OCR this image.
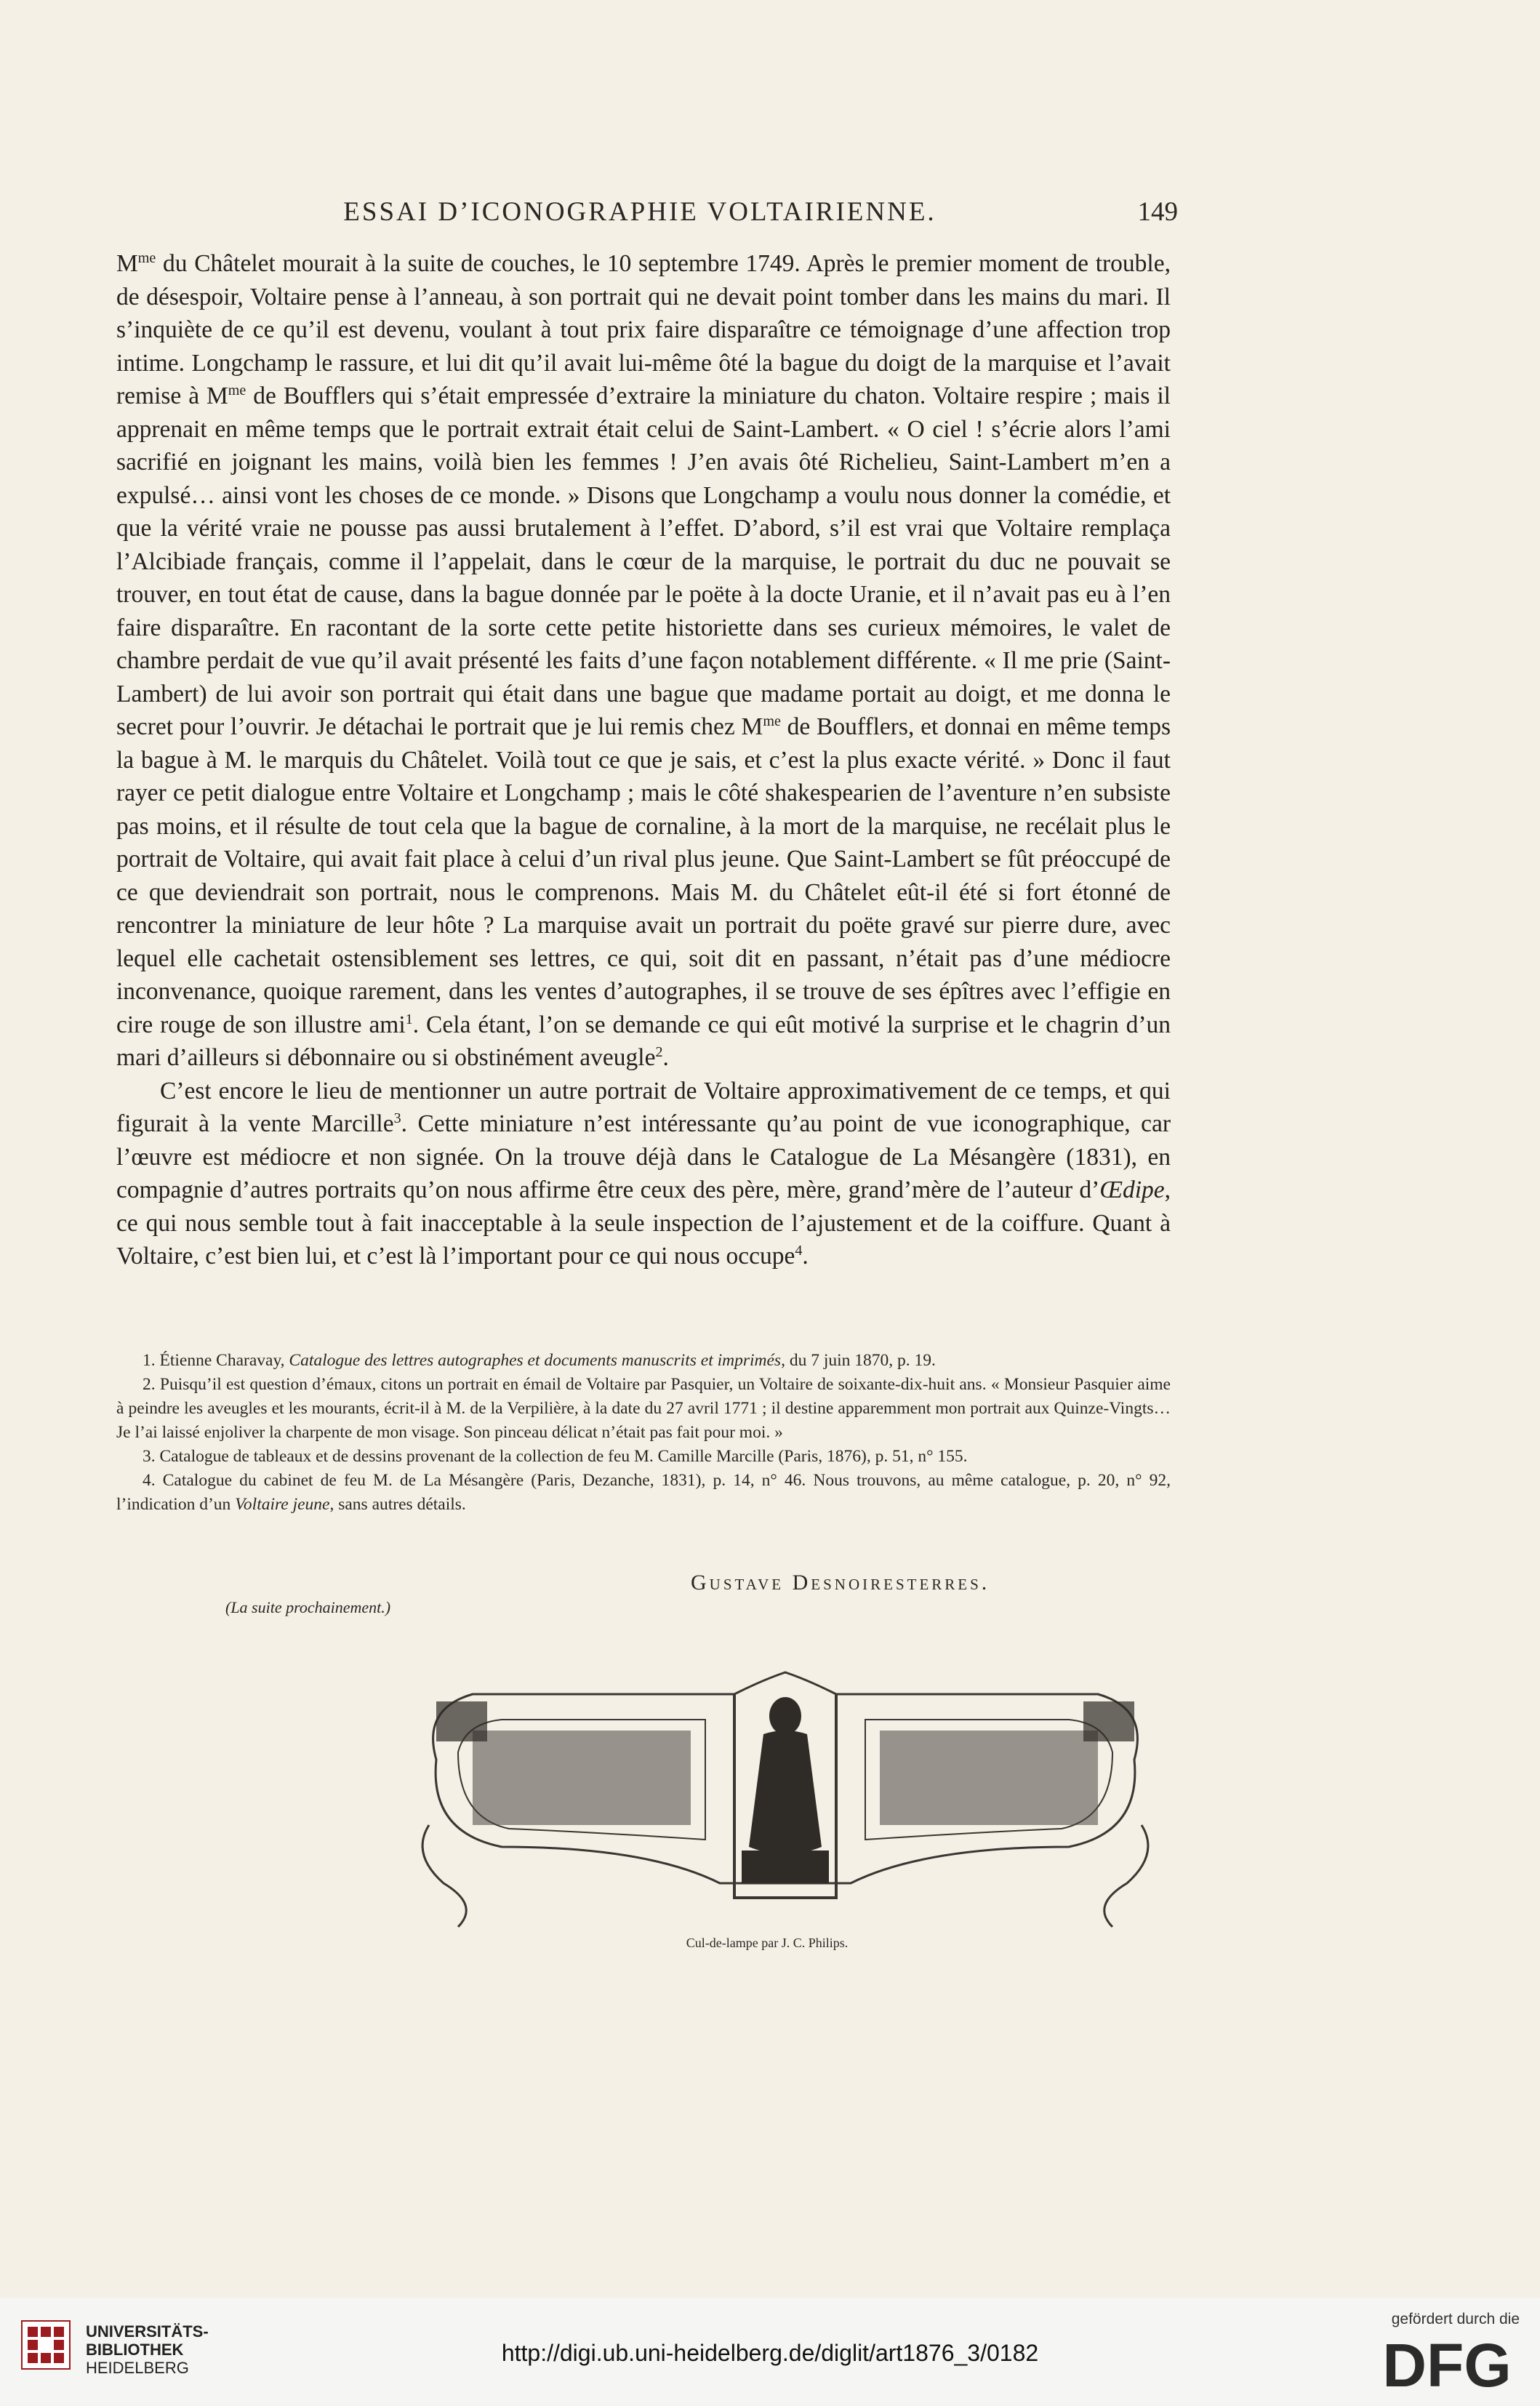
ESSAI D’ICONOGRAPHIE VOLTAIRIENNE.	149

$M^{me}$ du Châtelet mourait à la suite de couches, le 10 septembre 1749. Après le premier moment de trouble, de désespoir, Voltaire pense à l’anneau, à son portrait qui ne devait point tomber dans les mains du mari. Il s’inquiète de ce qu’il est devenu, voulant à tout prix faire disparaître ce témoignage d’une affection trop intime. Longchamp le rassure, et lui dit qu’il avait lui-même ôté la bague du doigt de la marquise et l’avait remise à $M^{me}$ de Boufflers qui s’était empressée d’extraire la miniature du chaton. Voltaire respire ; mais il apprenait en même temps que le portrait extrait était celui de Saint-Lambert. « O ciel ! s’écrie alors l’ami sacrifié en joignant les mains, voilà bien les femmes ! J’en avais ôté Richelieu, Saint-Lambert m’en a expulsé… ainsi vont les choses de ce monde. » Disons que Longchamp a voulu nous donner la comédie, et que la vérité vraie ne pousse pas aussi brutalement à l’effet. D’abord, s’il est vrai que Voltaire remplaça l’Alcibiade français, comme il l’appelait, dans le cœur de la marquise, le portrait du duc ne pouvait se trouver, en tout état de cause, dans la bague donnée par le poëte à la docte Uranie, et il n’avait pas eu à l’en faire disparaître. En racontant de la sorte cette petite historiette dans ses curieux mémoires, le valet de chambre perdait de vue qu’il avait présenté les faits d’une façon notablement différente. « Il me prie (Saint-Lambert) de lui avoir son portrait qui était dans une bague que madame portait au doigt, et me donna le secret pour l’ouvrir. Je détachai le portrait que je lui remis chez $M^{me}$ de Boufflers, et donnai en même temps la bague à M. le marquis du Châtelet. Voilà tout ce que je sais, et c’est la plus exacte vérité. » Donc il faut rayer ce petit dialogue entre Voltaire et Longchamp ; mais le côté shakespearien de l’aventure n’en subsiste pas moins, et il résulte de tout cela que la bague de cornaline, à la mort de la marquise, ne recélait plus le portrait de Voltaire, qui avait fait place à celui d’un rival plus jeune. Que Saint-Lambert se fût préoccupé de ce que deviendrait son portrait, nous le comprenons. Mais M. du Châtelet eût-il été si fort étonné de rencontrer la miniature de leur hôte ? La marquise avait un portrait du poëte gravé sur pierre dure, avec lequel elle cachetait ostensiblement ses lettres, ce qui, soit dit en passant, n’était pas d’une médiocre inconvenance, quoique rarement, dans les ventes d’autographes, il se trouve de ses épîtres avec l’effigie en cire rouge de son illustre ami$^1$. Cela étant, l’on se demande ce qui eût motivé la surprise et le chagrin d’un mari d’ailleurs si débonnaire ou si obstinément aveugle$^2$.

C’est encore le lieu de mentionner un autre portrait de Voltaire approximativement de ce temps, et qui figurait à la vente Marcille$^3$. Cette miniature n’est intéressante qu’au point de vue iconographique, car l’œuvre est médiocre et non signée. On la trouve déjà dans le Catalogue de La Mésangère (1831), en compagnie d’autres portraits qu’on nous affirme être ceux des père, mère, grand’mère de l’auteur d’Œdipe, ce qui nous semble tout à fait inacceptable à la seule inspection de l’ajustement et de la coiffure. Quant à Voltaire, c’est bien lui, et c’est là l’important pour ce qui nous occupe$^4$.

1. Étienne Charavay, Catalogue des lettres autographes et documents manuscrits et imprimés, du 7 juin 1870, p. 19.

2. Puisqu’il est question d’émaux, citons un portrait en émail de Voltaire par Pasquier, un Voltaire de soixante-dix-huit ans. « Monsieur Pasquier aime à peindre les aveugles et les mourants, écrit-il à M. de la Verpilière, à la date du 27 avril 1771 ; il destine apparemment mon portrait aux Quinze-Vingts… Je l’ai laissé enjoliver la charpente de mon visage. Son pinceau délicat n’était pas fait pour moi. »

3. Catalogue de tableaux et de dessins provenant de la collection de feu M. Camille Marcille (Paris, 1876), p. 51, n° 155.

4. Catalogue du cabinet de feu M. de La Mésangère (Paris, Dezanche, 1831), p. 14, n° 46. Nous trouvons, au même catalogue, p. 20, n° 92, l’indication d’un Voltaire jeune, sans autres détails.

Gustave Desnoiresterres.
(La suite prochainement.)
Cul-de-lampe par J. C. Philips.
UNIVERSITÄTS-
BIBLIOTHEK
HEIDELBERG
http://digi.ub.uni-heidelberg.de/diglit/art1876_3/0182
gefördert durch die
DFG
